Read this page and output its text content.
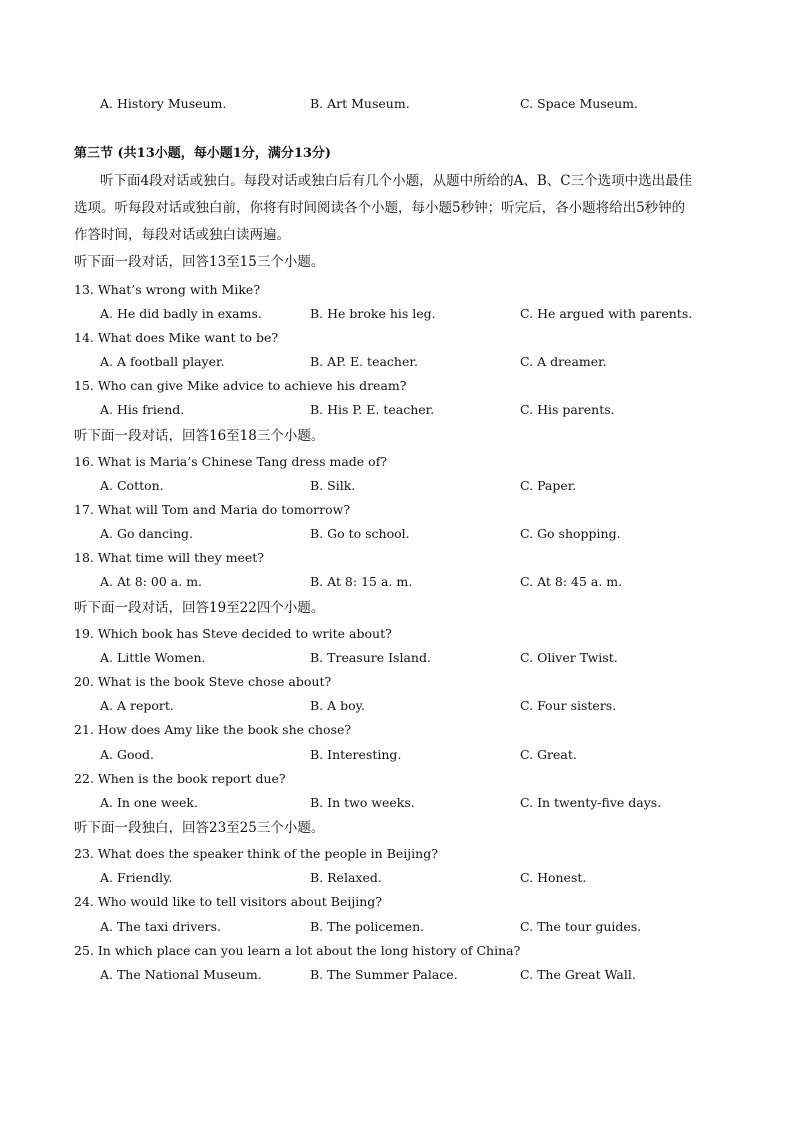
A. History Museum.	B. Art Museum.	C. Space Museum.
第三节 (共13小题，每小题1分，满分13分)
听下面4段对话或独白。每段对话或独白后有几个小题，从题中所给的A、B、C三个选项中选出最佳
选项。听每段对话或独白前，你将有时间阅读各个小题，每小题5秒钟；听完后，各小题将给出5秒钟的
作答时间，每段对话或独白读两遍。
听下面一段对话，回答13至15三个小题。
13. What’s wrong with Mike?
A. He did badly in exams.	B. He broke his leg.	C. He argued with parents.
14. What does Mike want to be?
A. A football player.	B. AP. E. teacher.	C. A dreamer.
15. Who can give Mike advice to achieve his dream?
A. His friend.	B. His P. E. teacher.	C. His parents.
听下面一段对话，回答16至18三个小题。
16. What is Maria’s Chinese Tang dress made of?
A. Cotton.	B. Silk.	C. Paper.
17. What will Tom and Maria do tomorrow?
A. Go dancing.	B. Go to school.	C. Go shopping.
18. What time will they meet?
A. At 8: 00 a. m.	B. At 8: 15 a. m.	C. At 8: 45 a. m.
听下面一段对话，回答19至22四个小题。
19. Which book has Steve decided to write about?
A. Little Women.	B. Treasure Island.	C. Oliver Twist.
20. What is the book Steve chose about?
A. A report.	B. A boy.	C. Four sisters.
21. How does Amy like the book she chose?
A. Good.	B. Interesting.	C. Great.
22. When is the book report due?
A. In one week.	B. In two weeks.	C. In twenty-five days.
听下面一段独白，回答23至25三个小题。
23. What does the speaker think of the people in Beijing?
A. Friendly.	B. Relaxed.	C. Honest.
24. Who would like to tell visitors about Beijing?
A. The taxi drivers.	B. The policemen.	C. The tour guides.
25. In which place can you learn a lot about the long history of China?
A. The National Museum.	B. The Summer Palace.	C. The Great Wall.
